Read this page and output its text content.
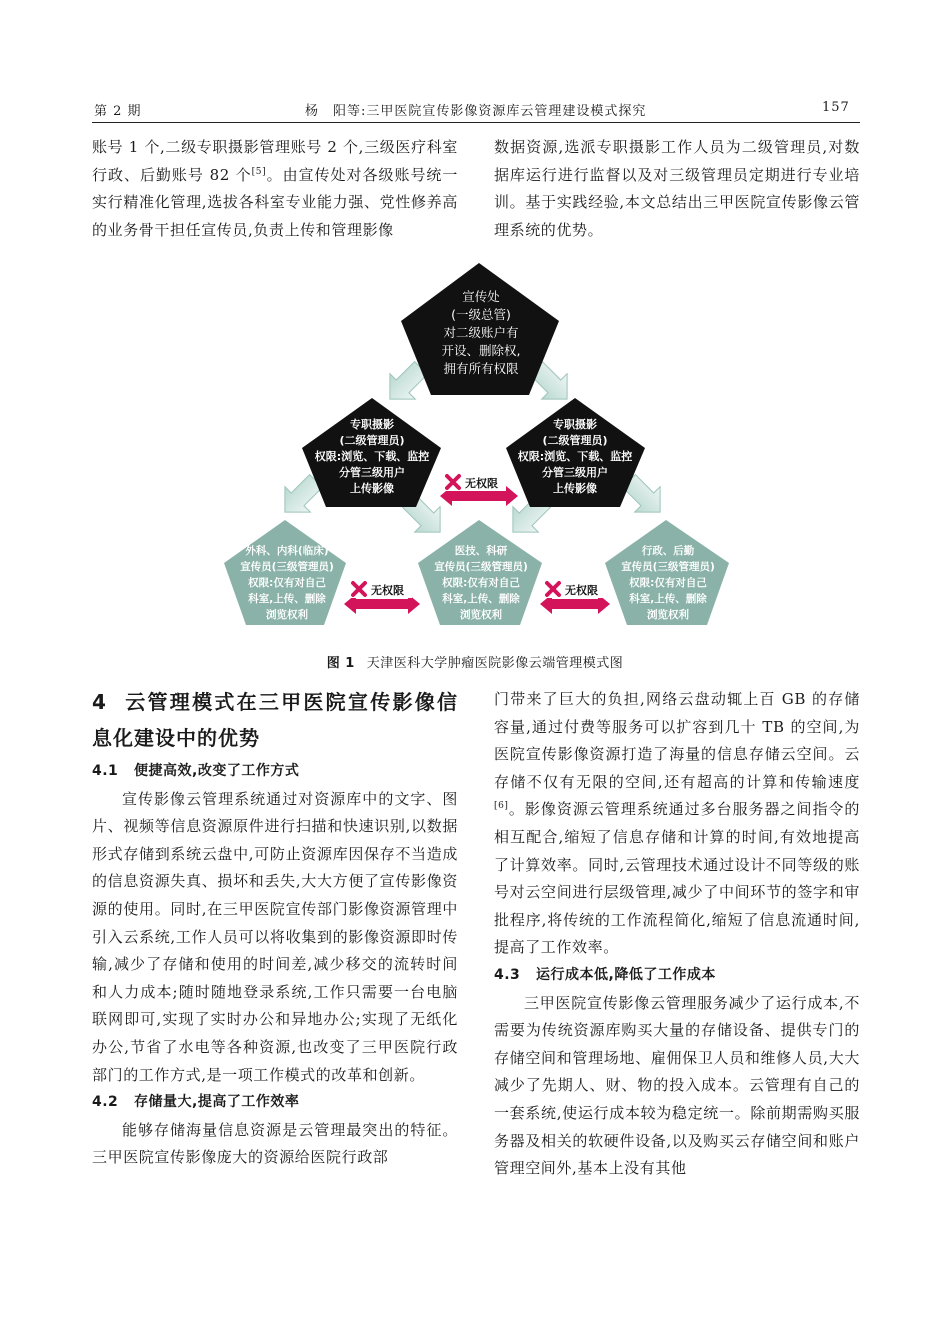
第 2 期	杨　阳等:三甲医院宣传影像资源库云管理建设模式探究	157

账号 1 个,二级专职摄影管理账号 2 个,三级医疗科室行政、后勤账号 82 个[5]。由宣传处对各级账号统一实行精准化管理,选拔各科室专业能力强、党性修养高的业务骨干担任宣传员,负责上传和管理影像

数据资源,选派专职摄影工作人员为二级管理员,对数据库运行进行监督以及对三级管理员定期进行专业培训。基于实践经验,本文总结出三甲医院宣传影像云管理系统的优势。

宣传处
(一级总管)
对二级账户有
开设、删除权,
拥有所有权限
专职摄影
(二级管理员)
权限:浏览、下载、监控
分管三级用户
上传影像
专职摄影
(二级管理员)
权限:浏览、下载、监控
分管三级用户
上传影像
无权限
外科、内科(临床)
宣传员(三级管理员)
权限:仅有对自己
科室,上传、删除
浏览权利
医技、科研
宣传员(三级管理员)
权限:仅有对自己
科室,上传、删除
浏览权利
行政、后勤
宣传员(三级管理员)
权限:仅有对自己
科室,上传、删除
浏览权利
无权限	无权限
图 1 天津医科大学肿瘤医院影像云端管理模式图
4 云管理模式在三甲医院宣传影像信息化建设中的优势
4.1 便捷高效,改变了工作方式

宣传影像云管理系统通过对资源库中的文字、图片、视频等信息资源原件进行扫描和快速识别,以数据形式存储到系统云盘中,可防止资源库因保存不当造成的信息资源失真、损坏和丢失,大大方便了宣传影像资源的使用。同时,在三甲医院宣传部门影像资源管理中引入云系统,工作人员可以将收集到的影像资源即时传输,减少了存储和使用的时间差,减少移交的流转时间和人力成本;随时随地登录系统,工作只需要一台电脑联网即可,实现了实时办公和异地办公;实现了无纸化办公,节省了水电等各种资源,也改变了三甲医院行政部门的工作方式,是一项工作模式的改革和创新。

4.2 存储量大,提高了工作效率

能够存储海量信息资源是云管理最突出的特征。三甲医院宣传影像庞大的资源给医院行政部

门带来了巨大的负担,网络云盘动辄上百 GB 的存储容量,通过付费等服务可以扩容到几十 TB 的空间,为医院宣传影像资源打造了海量的信息存储云空间。云存储不仅有无限的空间,还有超高的计算和传输速度[6]。影像资源云管理系统通过多台服务器之间指令的相互配合,缩短了信息存储和计算的时间,有效地提高了计算效率。同时,云管理技术通过设计不同等级的账号对云空间进行层级管理,减少了中间环节的签字和审批程序,将传统的工作流程简化,缩短了信息流通时间,提高了工作效率。

4.3 运行成本低,降低了工作成本

三甲医院宣传影像云管理服务减少了运行成本,不需要为传统资源库购买大量的存储设备、提供专门的存储空间和管理场地、雇佣保卫人员和维修人员,大大减少了先期人、财、物的投入成本。云管理有自己的一套系统,使运行成本较为稳定统一。除前期需购买服务器及相关的软硬件设备,以及购买云存储空间和账户管理空间外,基本上没有其他
